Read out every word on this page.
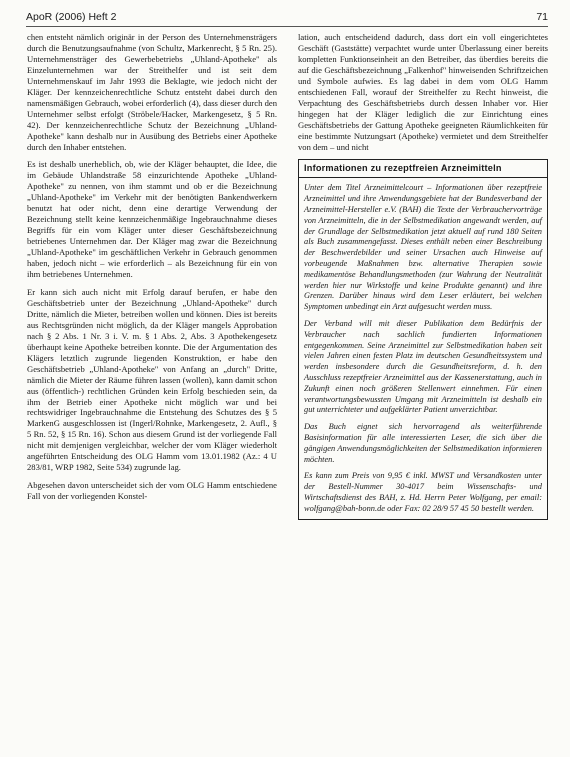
ApoR (2006) Heft 2	71

chen entsteht nämlich originär in der Person des Unternehmensträgers durch die Benutzungsaufnahme (von Schultz, Markenrecht, § 5 Rn. 25). Unternehmensträger des Gewerbebetriebs „Uhland-Apotheke" als Einzelunternehmen war der Streithelfer und ist seit dem Unternehmenskauf im Jahr 1993 die Beklagte, wie jedoch nicht der Kläger. Der kennzeichenrechtliche Schutz entsteht dabei durch den namensmäßigen Gebrauch, wobei erforderlich (4), dass dieser durch den Unternehmer selbst erfolgt (Ströbele/Hacker, Markengesetz, § 5 Rn. 42). Der kennzeichenrechtliche Schutz der Bezeichnung „Uhland-Apotheke" kann deshalb nur in Ausübung des Betriebs einer Apotheke durch den Inhaber entstehen.

Es ist deshalb unerheblich, ob, wie der Kläger behauptet, die Idee, die im Gebäude Uhlandstraße 58 einzurichtende Apotheke „Uhland-Apotheke" zu nennen, von ihm stammt und ob er die Bezeichnung „Uhland-Apotheke" im Verkehr mit der benötigten Bankendwerkern benutzt hat oder nicht, denn eine derartige Verwendung der Bezeichnung stellt keine kennzeichenmäßige Ingebrauchnahme dieses Begriffs für ein vom Kläger unter dieser Geschäftsbezeichnung betriebenes Unternehmen dar. Der Kläger mag zwar die Bezeichnung „Uhland-Apotheke" im geschäftlichen Verkehr in Gebrauch genommen haben, jedoch nicht – wie erforderlich – als Bezeichnung für ein von ihm betriebenes Unternehmen.

Er kann sich auch nicht mit Erfolg darauf berufen, er habe den Geschäftsbetrieb unter der Bezeichnung „Uhland-Apotheke" durch Dritte, nämlich die Mieter, betreiben wollen und können. Dies ist bereits aus Rechtsgründen nicht möglich, da der Kläger mangels Approbation nach § 2 Abs. 1 Nr. 3 i. V. m. § 1 Abs. 2, Abs. 3 Apothekengesetz überhaupt keine Apotheke betreiben konnte. Die der Argumentation des Klägers letztlich zugrunde liegenden Konstruktion, er habe den Geschäftsbetrieb „Uhland-Apotheke" von Anfang an „durch" Dritte, nämlich die Mieter der Räume führen lassen (wollen), kann damit schon aus (öffentlich-) rechtlichen Gründen kein Erfolg beschieden sein, da ihm der Betrieb einer Apotheke nicht möglich war und bei rechtswidriger Ingebrauchnahme die Entstehung des Schutzes des § 5 MarkenG ausgeschlossen ist (Ingerl/Rohnke, Markengesetz, 2. Aufl., § 5 Rn. 52, § 15 Rn. 16). Schon aus diesem Grund ist der vorliegende Fall nicht mit demjenigen vergleichbar, welcher der vom Kläger wiederholt angeführten Entscheidung des OLG Hamm vom 13.01.1982 (Az.: 4 U 283/81, WRP 1982, Seite 534) zugrunde lag.

Abgesehen davon unterscheidet sich der vom OLG Hamm entschiedene Fall von der vorliegenden Konstel-

lation, auch entscheidend dadurch, dass dort ein voll eingerichtetes Geschäft (Gaststätte) verpachtet wurde unter Überlassung einer bereits kompletten Funktionseinheit an den Betreiber, das überdies bereits die auf die Geschäftsbezeichnung „Falkenhof" hinweisenden Schriftzeichen und Symbole aufwies. Es lag dabei in dem vom OLG Hamm entschiedenen Fall, worauf der Streithelfer zu Recht hinweist, die Verpachtung des Geschäftsbetriebs durch dessen Inhaber vor. Hier hingegen hat der Kläger lediglich die zur Einrichtung eines Geschäftsbetriebs der Gattung Apotheke geeigneten Räumlichkeiten für eine bestimmte Nutzungsart (Apotheke) vermietet und dem Streithelfer von dem – und nicht

Informationen zu rezeptfreien Arzneimitteln

Unter dem Titel Arzneimittelcourt – Informationen über rezeptfreie Arzneimittel und ihre Anwendungsgebiete hat der Bundesverband der Arzneimittel-Hersteller e.V. (BAH) die Texte der Verbrauchervorträge von Arzneimitteln, die in der Selbstmedikation angewandt werden, auf der Grundlage der Selbstmedikation jetzt aktuell auf rund 180 Seiten als Buch zusammengefasst. Dieses enthält neben einer Beschreibung der Beschwerdebilder und seiner Ursachen auch Hinweise auf vorbeugende Maßnahmen bzw. alternative Therapien sowie medikamentöse Behandlungsmethoden (zur Wahrung der Neutralität werden hier nur Wirkstoffe und keine Produkte genannt) und ihre Grenzen. Darüber hinaus wird dem Leser erläutert, bei welchen Symptomen unbedingt ein Arzt aufgesucht werden muss.

Der Verband will mit dieser Publikation dem Bedürfnis der Verbraucher nach sachlich fundierten Informationen entgegenkommen. Seine Arzneimittel zur Selbstmedikation haben seit vielen Jahren einen festen Platz im deutschen Gesundheitssystem und werden insbesondere durch die Gesundheitsreform, d. h. den Ausschluss rezeptfreier Arzneimittel aus der Kassenerstattung, auch in Zukunft einen noch größeren Stellenwert einnehmen. Für einen verantwortungsbewussten Umgang mit Arzneimitteln ist deshalb ein gut unterrichteter und aufgeklärter Patient unverzichtbar.

Das Buch eignet sich hervorragend als weiterführende Basisinformation für alle interessierten Leser, die sich über die gängigen Anwendungsmöglichkeiten der Selbstmedikation informieren möchten.

Es kann zum Preis von 9,95 € inkl. MWST und Versandkosten unter der Bestell-Nummer 30-4017 beim Wissenschafts- und Wirtschaftsdienst des BAH, z. Hd. Herrn Peter Wolfgang, per email: wolfgang@bah-bonn.de oder Fax: 02 28/9 57 45 50 bestellt werden.
